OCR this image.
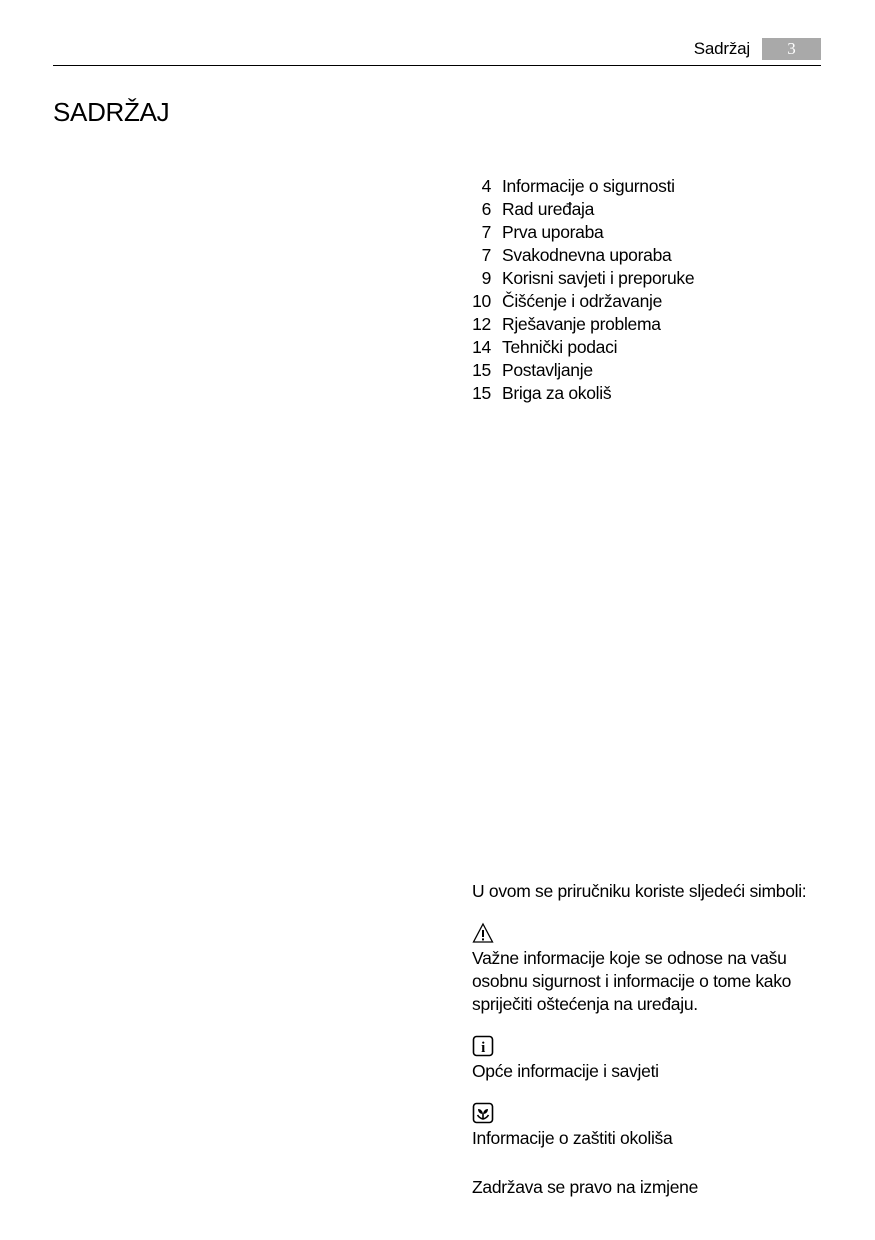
Sadržaj	3
SADRŽAJ
4 Informacije o sigurnosti
6 Rad uređaja
7 Prva uporaba
7 Svakodnevna uporaba
9 Korisni savjeti i preporuke
10 Čišćenje i održavanje
12 Rješavanje problema
14 Tehnički podaci
15 Postavljanje
15 Briga za okoliš

U ovom se priručniku koriste sljedeći simboli:

Važne informacije koje se odnose na vašu osobnu sigurnost i informacije o tome kako spriječiti oštećenja na uređaju.

i

Opće informacije i savjeti

Informacije o zaštiti okoliša

Zadržava se pravo na izmjene
